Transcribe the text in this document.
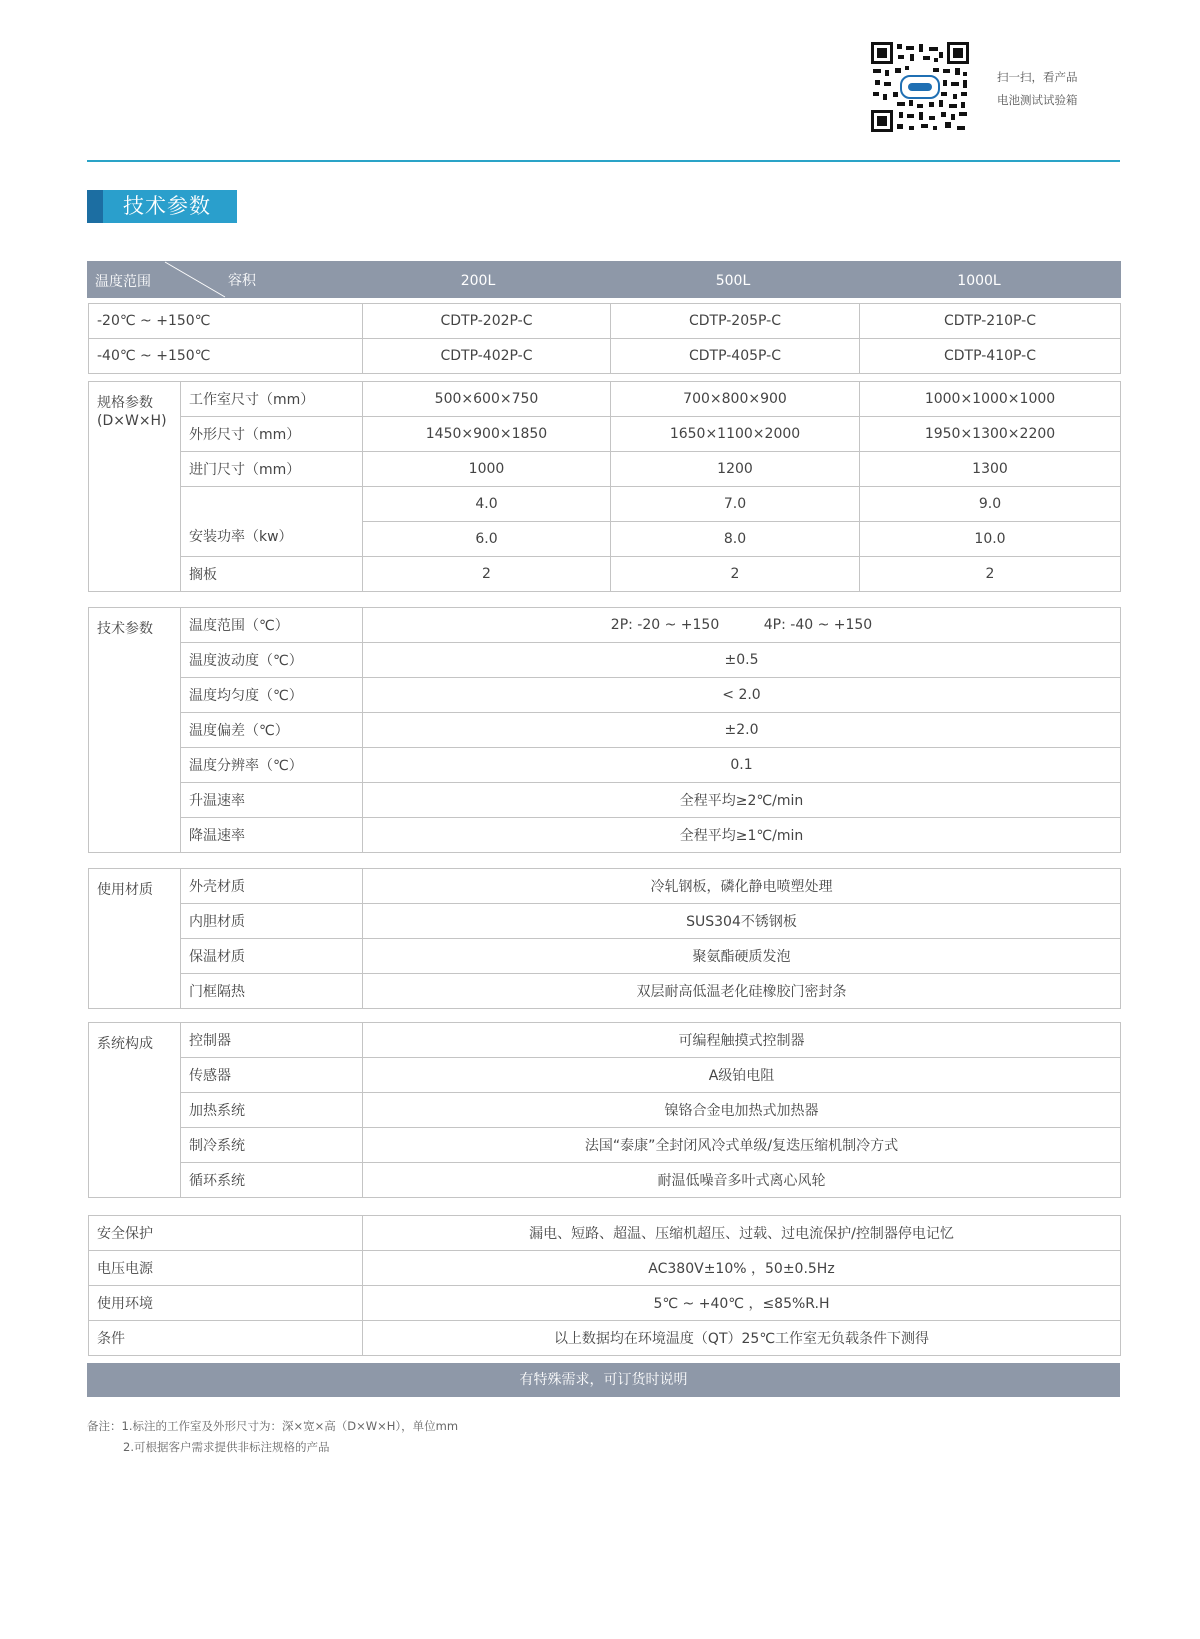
扫一扫，看产品
电池测试试验箱
技术参数
温度范围	容积	200L	500L	1000L
-20℃ ~ +150℃	CDTP-202P-C	CDTP-205P-C	CDTP-210P-C
-40℃ ~ +150℃	CDTP-402P-C	CDTP-405P-C	CDTP-410P-C
规格参数
(D×W×H)	工作室尺寸（mm）	500×600×750	700×800×900	1000×1000×1000
	外形尺寸（mm）	1450×900×1850	1650×1100×2000	1950×1300×2200
	进门尺寸（mm）	1000	1200	1300
	安装功率（kw）	4.0	7.0	9.0
		6.0	8.0	10.0
	搁板	2	2	2
技术参数	温度范围（℃）	2P: -20 ~ +150          4P: -40 ~ +150
	温度波动度（℃）	±0.5
	温度均匀度（℃）	< 2.0
	温度偏差（℃）	±2.0
	温度分辨率（℃）	0.1
	升温速率	全程平均≥2℃/min
	降温速率	全程平均≥1℃/min
使用材质	外壳材质	冷轧钢板，磷化静电喷塑处理
	内胆材质	SUS304不锈钢板
	保温材质	聚氨酯硬质发泡
	门框隔热	双层耐高低温老化硅橡胶门密封条
系统构成	控制器	可编程触摸式控制器
	传感器	A级铂电阻
	加热系统	镍铬合金电加热式加热器
	制冷系统	法国“泰康”全封闭风冷式单级/复迭压缩机制冷方式
	循环系统	耐温低噪音多叶式离心风轮
安全保护	漏电、短路、超温、压缩机超压、过载、过电流保护/控制器停电记忆
电压电源	AC380V±10% ，50±0.5Hz
使用环境	5℃ ~ +40℃ ，≤85%R.H
条件	以上数据均在环境温度（QT）25℃工作室无负载条件下测得
有特殊需求，可订货时说明
备注：1.标注的工作室及外形尺寸为：深×宽×高（D×W×H），单位mm
2.可根据客户需求提供非标注规格的产品
